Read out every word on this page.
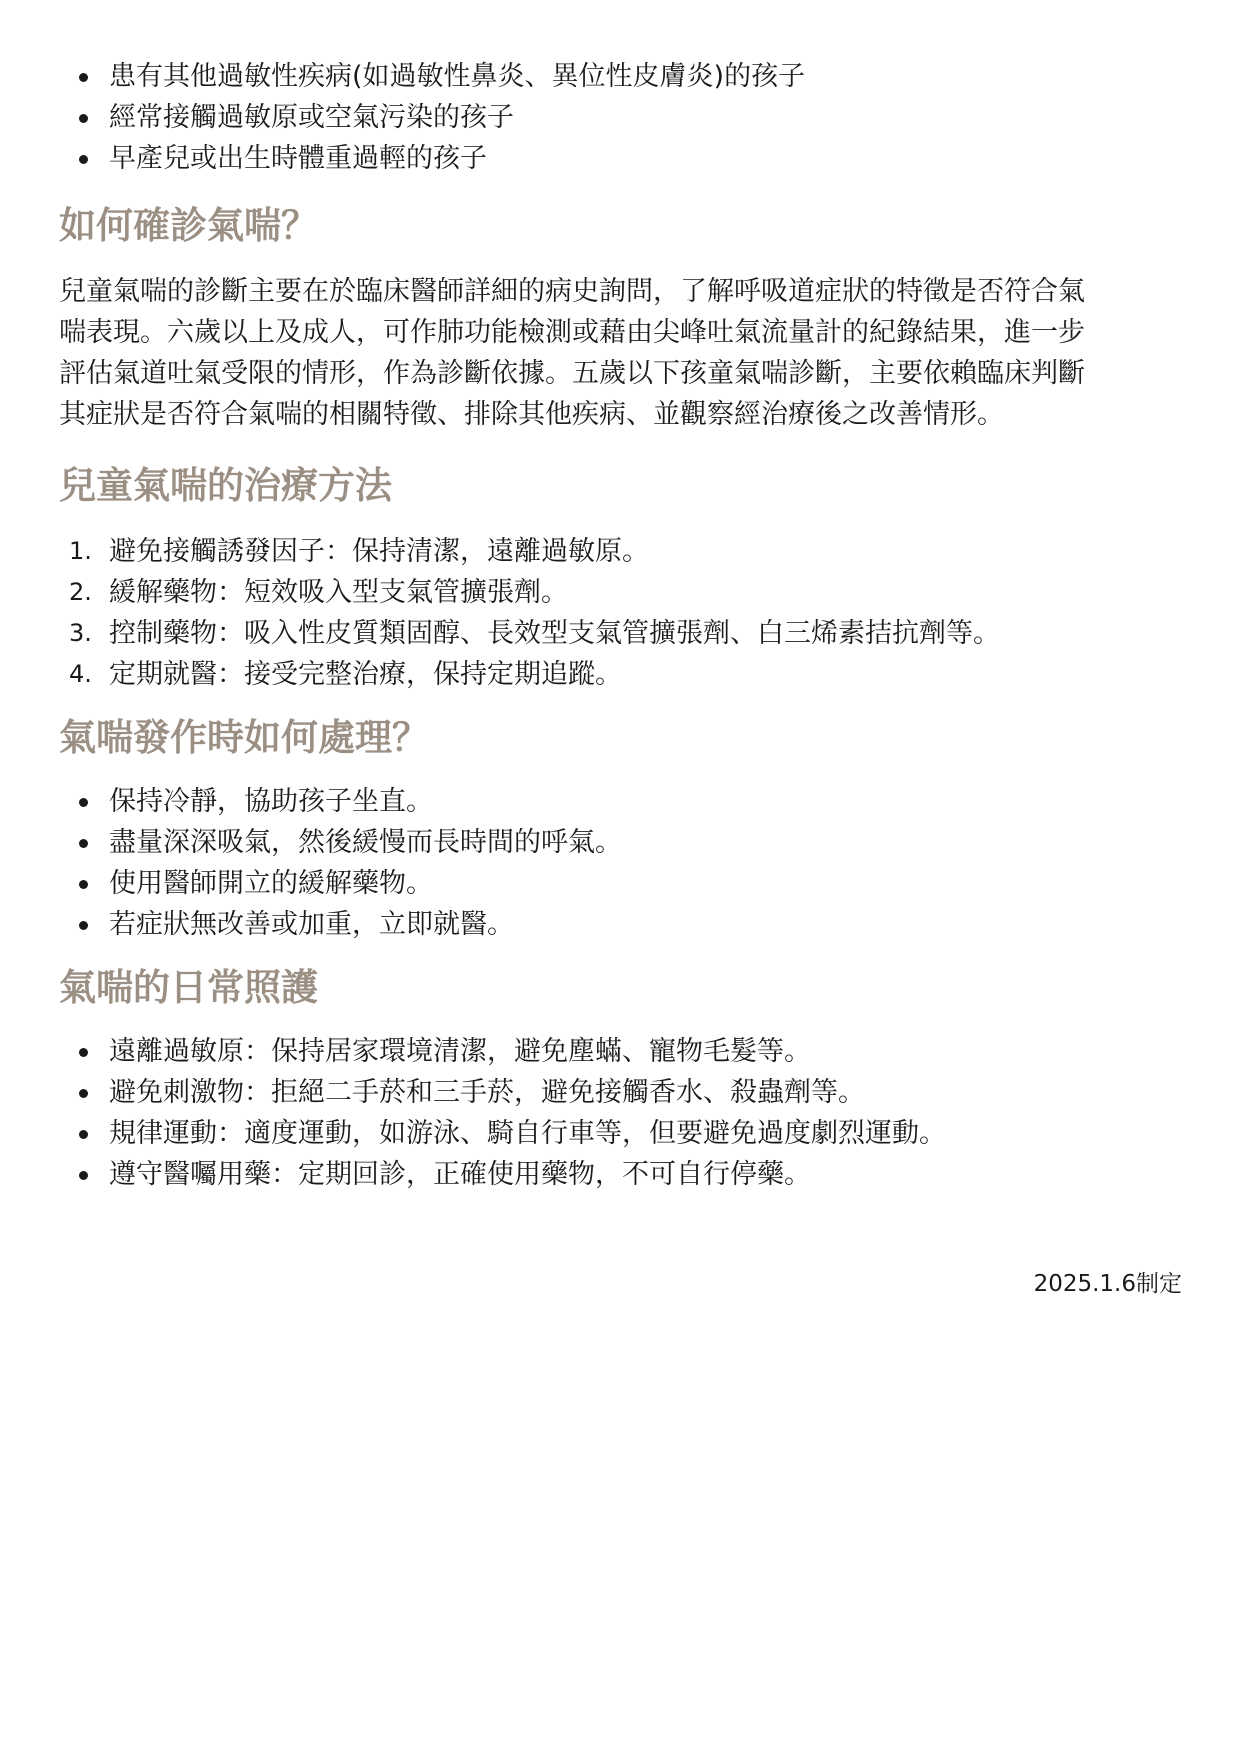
患有其他過敏性疾病(如過敏性鼻炎、異位性皮膚炎)的孩子
經常接觸過敏原或空氣污染的孩子
早產兒或出生時體重過輕的孩子
如何確診氣喘？
兒童氣喘的診斷主要在於臨床醫師詳細的病史詢問，了解呼吸道症狀的特徵是否符合氣
喘表現。六歲以上及成人，可作肺功能檢測或藉由尖峰吐氣流量計的紀錄結果，進一步
評估氣道吐氣受限的情形，作為診斷依據。五歲以下孩童氣喘診斷，主要依賴臨床判斷
其症狀是否符合氣喘的相關特徵、排除其他疾病、並觀察經治療後之改善情形。
兒童氣喘的治療方法
1. 避免接觸誘發因子：保持清潔，遠離過敏原。
2. 緩解藥物：短效吸入型支氣管擴張劑。
3. 控制藥物：吸入性皮質類固醇、長效型支氣管擴張劑、白三烯素拮抗劑等。
4. 定期就醫：接受完整治療，保持定期追蹤。
氣喘發作時如何處理？
保持冷靜，協助孩子坐直。
盡量深深吸氣，然後緩慢而長時間的呼氣。
使用醫師開立的緩解藥物。
若症狀無改善或加重，立即就醫。
氣喘的日常照護
遠離過敏原：保持居家環境清潔，避免塵蟎、寵物毛髮等。
避免刺激物：拒絕二手菸和三手菸，避免接觸香水、殺蟲劑等。
規律運動：適度運動，如游泳、騎自行車等，但要避免過度劇烈運動。
遵守醫囑用藥：定期回診，正確使用藥物，不可自行停藥。
2025.1.6制定
